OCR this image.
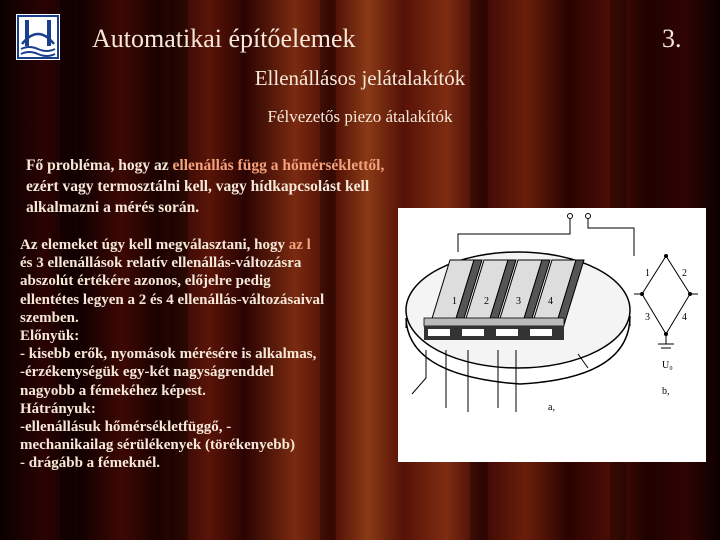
Automatikai építőelemek	3.
Ellenállásos jelátalakítók
Félvezetős piezo átalakítók
Fő probléma, hogy az ellenállás függ a hőmérséklettől,
ezért vagy termosztálni kell, vagy hídkapcsolást kell
alkalmazni a mérés során.
1	2	3	4
a,
1	2
3	4
U₀
b,
Az elemeket úgy kell megválasztani, hogy az l
és 3 ellenállások relatív ellenállás-változásra
abszolút értékére azonos, előjelre pedig
ellentétes legyen a 2 és 4 ellenállás-változásaival
szemben.
Előnyük:
- kisebb erők, nyomások mérésére is alkalmas,
-érzékenységük egy-két nagyságrenddel
nagyobb a fémekéhez képest.
Hátrányuk:
-ellenállásuk hőmérsékletfüggő, -
mechanikailag sérülékenyek (törékenyebb)
- drágább a fémeknél.
